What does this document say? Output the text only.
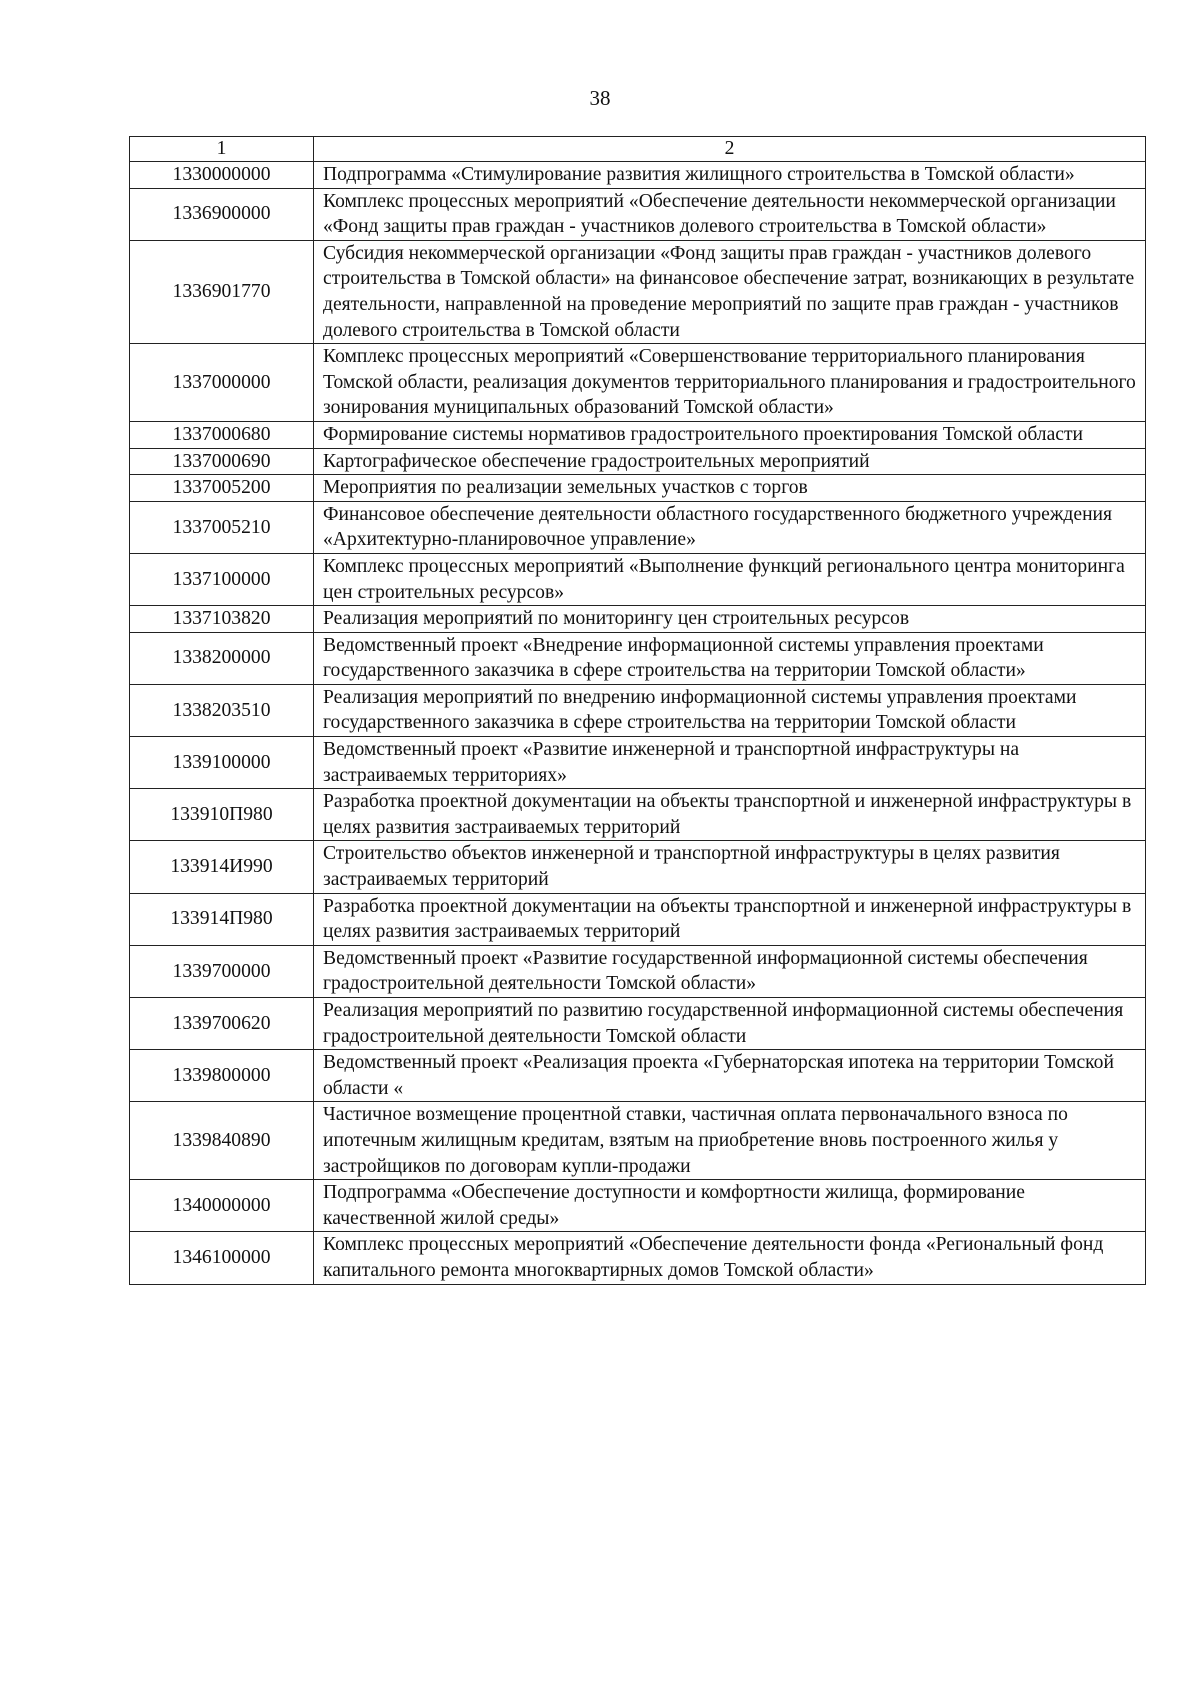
38
1	2
1330000000	Подпрограмма «Стимулирование развития жилищного строительства в Томской области»
1336900000	Комплекс процессных мероприятий «Обеспечение деятельности некоммерческой организации «Фонд защиты прав граждан - участников долевого строительства в Томской области»
1336901770	Субсидия некоммерческой организации «Фонд защиты прав граждан - участников долевого строительства в Томской области» на финансовое обеспечение затрат, возникающих в результате деятельности, направленной на проведение мероприятий по защите прав граждан - участников долевого строительства в Томской области
1337000000	Комплекс процессных мероприятий «Совершенствование территориального планирования Томской области, реализация документов территориального планирования и градостроительного зонирования муниципальных образований Томской области»
1337000680	Формирование системы нормативов градостроительного проектирования Томской области
1337000690	Картографическое обеспечение градостроительных мероприятий
1337005200	Мероприятия по реализации земельных участков с торгов
1337005210	Финансовое обеспечение деятельности областного государственного бюджетного учреждения «Архитектурно-планировочное управление»
1337100000	Комплекс процессных мероприятий «Выполнение функций регионального центра мониторинга цен строительных ресурсов»
1337103820	Реализация мероприятий по мониторингу цен строительных ресурсов
1338200000	Ведомственный проект «Внедрение информационной системы управления проектами государственного заказчика в сфере строительства на территории Томской области»
1338203510	Реализация мероприятий по внедрению информационной системы управления проектами государственного заказчика в сфере строительства на территории Томской области
1339100000	Ведомственный проект «Развитие инженерной и транспортной инфраструктуры на застраиваемых территориях»
133910П980	Разработка проектной документации на объекты транспортной и инженерной инфраструктуры в целях развития застраиваемых территорий
133914И990	Строительство объектов инженерной и транспортной инфраструктуры в целях развития застраиваемых территорий
133914П980	Разработка проектной документации на объекты транспортной и инженерной инфраструктуры в целях развития застраиваемых территорий
1339700000	Ведомственный проект «Развитие государственной информационной системы обеспечения градостроительной деятельности Томской области»
1339700620	Реализация мероприятий по развитию государственной информационной системы обеспечения градостроительной деятельности Томской области
1339800000	Ведомственный проект «Реализация проекта «Губернаторская ипотека на территории Томской области «
1339840890	Частичное возмещение процентной ставки, частичная оплата первоначального взноса по ипотечным жилищным кредитам, взятым на приобретение вновь построенного жилья у застройщиков по договорам купли-продажи
1340000000	Подпрограмма «Обеспечение доступности и комфортности жилища, формирование качественной жилой среды»
1346100000	Комплекс процессных мероприятий «Обеспечение деятельности фонда «Региональный фонд капитального ремонта многоквартирных домов Томской области»
